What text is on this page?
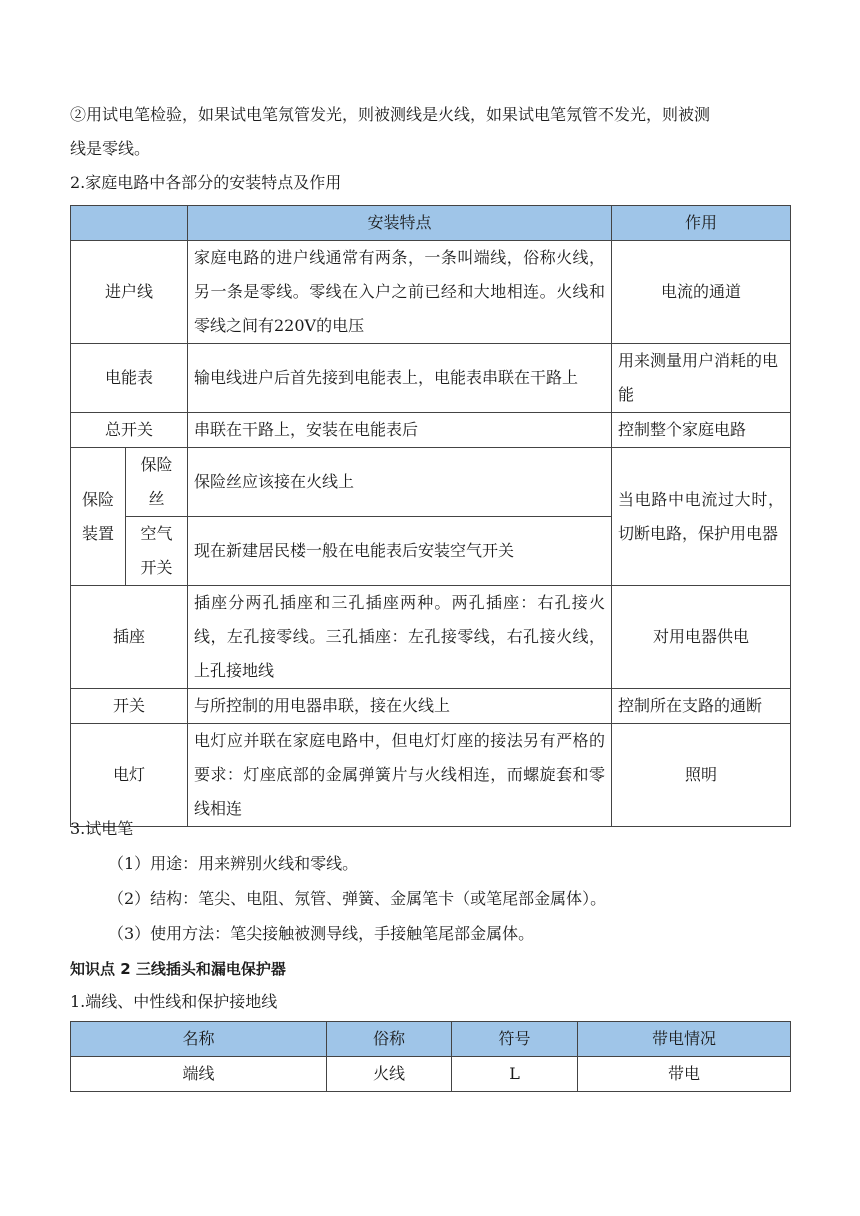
②用试电笔检验，如果试电笔氖管发光，则被测线是火线，如果试电笔氖管不发光，则被测
线是零线。
2.家庭电路中各部分的安装特点及作用
		安装特点	作用
进户线		家庭电路的进户线通常有两条，一条叫端线，俗称火线，另一条是零线。零线在入户之前已经和大地相连。火线和零线之间有220V的电压	电流的通道
电能表		输电线进户后首先接到电能表上，电能表串联在干路上	用来测量用户消耗的电能
总开关		串联在干路上，安装在电能表后	控制整个家庭电路
保险装置	保险丝	保险丝应该接在火线上	当电路中电流过大时，切断电路，保护用电器
	空气开关	现在新建居民楼一般在电能表后安装空气开关	
插座		插座分两孔插座和三孔插座两种。两孔插座：右孔接火线，左孔接零线。三孔插座：左孔接零线，右孔接火线，上孔接地线	对用电器供电
开关		与所控制的用电器串联，接在火线上	控制所在支路的通断
电灯		电灯应并联在家庭电路中，但电灯灯座的接法另有严格的要求：灯座底部的金属弹簧片与火线相连，而螺旋套和零线相连	照明
3.试电笔
（1）用途：用来辨别火线和零线。
（2）结构：笔尖、电阻、氖管、弹簧、金属笔卡（或笔尾部金属体）。
（3）使用方法：笔尖接触被测导线，手接触笔尾部金属体。
知识点 2 三线插头和漏电保护器
1.端线、中性线和保护接地线
名称	俗称	符号	带电情况
端线	火线	L	带电
